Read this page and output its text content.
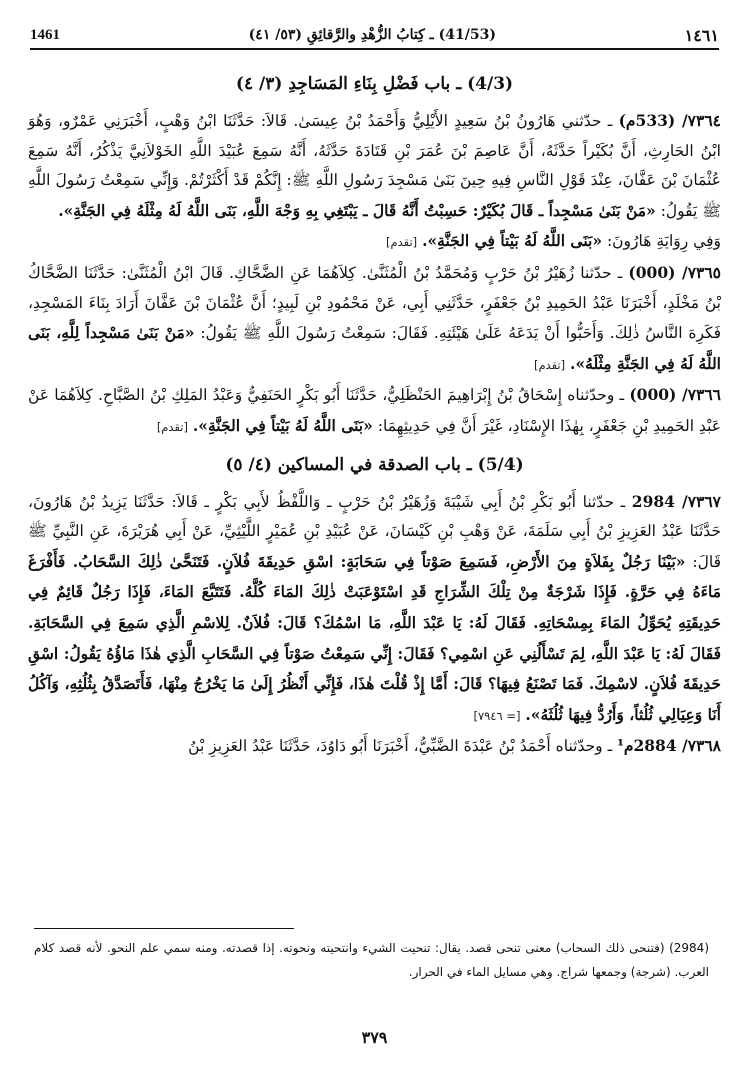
1461	(41/53) ـ كِتابُ الزُّهْدِ والرَّقائِقِ (٥٣/ ٤١)	١٤٦١

(4/3) ـ باب فَضْلِ بِنَاءِ المَسَاجِدِ (٣/ ٤)

٧٣٦٤/ (533م) ـ حدّثني هَارُونُ بْنُ سَعِيدٍ الأَيْلِيُّ وَأَحْمَدُ بْنُ عِيسَىٰ. قَالاَ: حَدَّثَنَا ابْنُ وَهْبٍ، أَخْبَرَنِي عَمْرٌو، وَهُوَ ابْنُ الحَارِثِ، أَنَّ بُكَيْراً حَدَّثَهُ، أَنَّ عَاصِمَ بْنَ عُمَرَ بْنِ قَتَادَةَ حَدَّثَهُ، أَنَّهُ سَمِعَ عُبَيْدَ اللَّهِ الخَوْلاَنِيَّ يَذْكُرُ، أَنَّهُ سَمِعَ عُثْمَانَ بْنَ عَفَّانَ، عِنْدَ قَوْلِ النَّاسِ فِيهِ حِينَ بَنَىٰ مَسْجِدَ رَسُولِ اللَّهِ ﷺ: إِنَّكُمْ قَدْ أَكْثَرْتُمْ. وَإِنِّي سَمِعْتُ رَسُولَ اللَّهِ ﷺ يَقُولُ: «مَنْ بَنَىٰ مَسْجِداً ـ قَالَ بُكَيْرٌ: حَسِبْتُ أَنَّهُ قَالَ ـ يَبْتَغِي بِهِ وَجْهَ اللَّهِ، بَنَى اللَّهُ لَهُ مِثْلَهُ فِي الجَنَّةِ».

وَفِي رِوَايَةِ هَارُونَ: «بَنَى اللَّهُ لَهُ بَيْتاً فِي الجَنَّةِ». [تقدم]

٧٣٦٥/ (000) ـ حدّثنا زُهَيْرُ بْنُ حَرْبٍ وَمُحَمَّدُ بْنُ الْمُثَنَّىٰ. كِلاَهُمَا عَنِ الضَّحَّاكِ. قَالَ ابْنُ الْمُثَنَّىٰ: حَدَّثَنَا الضَّحَّاكُ بْنُ مَخْلَدٍ، أَخْبَرَنَا عَبْدُ الحَمِيدِ بْنُ جَعْفَرٍ، حَدَّثَنِي أَبِي، عَنْ مَحْمُودِ بْنِ لَبِيدٍ؛ أَنَّ عُثْمَانَ بْنَ عَفَّانَ أَرَادَ بِنَاءَ المَسْجِدِ، فَكَرِهَ النَّاسُ ذٰلِكَ. وَأَحَبُّوا أَنْ يَدَعَهُ عَلَىٰ هَيْئَتِهِ. فَقَالَ: سَمِعْتُ رَسُولَ اللَّهِ ﷺ يَقُولُ: «مَنْ بَنَىٰ مَسْجِداً لِلَّهِ، بَنَى اللَّهُ لَهُ فِي الجَنَّةِ مِثْلَهُ». [تقدم]

٧٣٦٦/ (000) ـ وحدّثناه إِسْحَاقُ بْنُ إِبْرَاهِيمَ الحَنْظَلِيُّ، حَدَّثَنَا أَبُو بَكْرٍ الحَنَفِيُّ وَعَبْدُ المَلِكِ بْنُ الصَّبَّاحِ. كِلاَهُمَا عَنْ عَبْدِ الحَمِيدِ بْنِ جَعْفَرٍ، بِهٰذَا الإِسْنَادِ، غَيْرَ أَنَّ فِي حَدِيثِهِمَا: «بَنَى اللَّهُ لَهُ بَيْتاً فِي الجَنَّةِ». [تقدم]

(5/4) ـ باب الصدقة في المساكين (٤/ ٥)

٧٣٦٧/ 2984 ـ حدّثنا أَبُو بَكْرِ بْنُ أَبِي شَيْبَةَ وَزُهَيْرُ بْنُ حَرْبٍ ـ وَاللَّفْظُ لأَبِي بَكْرٍ ـ قَالاَ: حَدَّثَنَا يَزِيدُ بْنُ هَارُونَ، حَدَّثَنَا عَبْدُ العَزِيزِ بْنُ أَبِي سَلَمَةَ، عَنْ وَهْبِ بْنِ كَيْسَانَ، عَنْ عُبَيْدِ بْنِ عُمَيْرٍ اللَّيْثِيِّ، عَنْ أَبِي هُرَيْرَةَ، عَنِ النَّبِيِّ ﷺ قَالَ: «بَيْنَا رَجُلٌ بِفَلاَةٍ مِنَ الأَرْضِ، فَسَمِعَ صَوْتاً فِي سَحَابَةٍ: اسْقِ حَدِيقَةَ فُلاَنٍ. فَتَنَحَّىٰ ذٰلِكَ السَّحَابُ. فَأَفْرَغَ مَاءَهُ فِي حَرَّةٍ. فَإِذَا شَرْجَةٌ مِنْ تِلْكَ الشِّرَاجِ قَدِ اسْتَوْعَبَتْ ذٰلِكَ المَاءَ كُلَّهُ. فَتَتَبَّعَ المَاءَ، فَإِذَا رَجُلٌ قَائِمٌ فِي حَدِيقَتِهِ يُحَوِّلُ المَاءَ بِمِسْحَاتِهِ. فَقَالَ لَهُ: يَا عَبْدَ اللَّهِ، مَا اسْمُكَ؟ قَالَ: فُلاَنٌ. لِلاسْمِ الَّذِي سَمِعَ فِي السَّحَابَةِ. فَقَالَ لَهُ: يَا عَبْدَ اللَّهِ، لِمَ تَسْأَلُنِي عَنِ اسْمِي؟ فَقَالَ: إِنِّي سَمِعْتُ صَوْتاً فِي السَّحَابِ الَّذِي هٰذَا مَاؤُهُ يَقُولُ: اسْقِ حَدِيقَةَ فُلاَنٍ. لاسْمِكَ. فَمَا تَصْنَعُ فِيهَا؟ قَالَ: أَمَّا إِذْ قُلْتَ هٰذَا، فَإِنِّي أَنْظُرُ إِلَىٰ مَا يَخْرُجُ مِنْهَا، فَأَتَصَدَّقُ بِثُلُثِهِ، وَآكُلُ أَنَا وَعِيَالِي ثُلُثاً، وَأَرُدُّ فِيهَا ثُلُثَهُ». [= ٧٩٤٦]

٧٣٦٨/ 2884م¹ ـ وحدّثناه أَحْمَدُ بْنُ عَبْدَةَ الضَّبِّيُّ، أَخْبَرَنَا أَبُو دَاوُدَ، حَدَّثَنَا عَبْدُ العَزِيزِ بْنُ

(2984) (فتنحى ذلك السحاب) معنى تنحى قصد. يقال: تنحيت الشيء وانتحيته ونحوته. إذا قصدته. ومنه سمي علم النحو. لأنه قصد كلام العرب. (شرجة) وجمعها شراج. وهي مسايل الماء في الحرار.
٣٧٩
